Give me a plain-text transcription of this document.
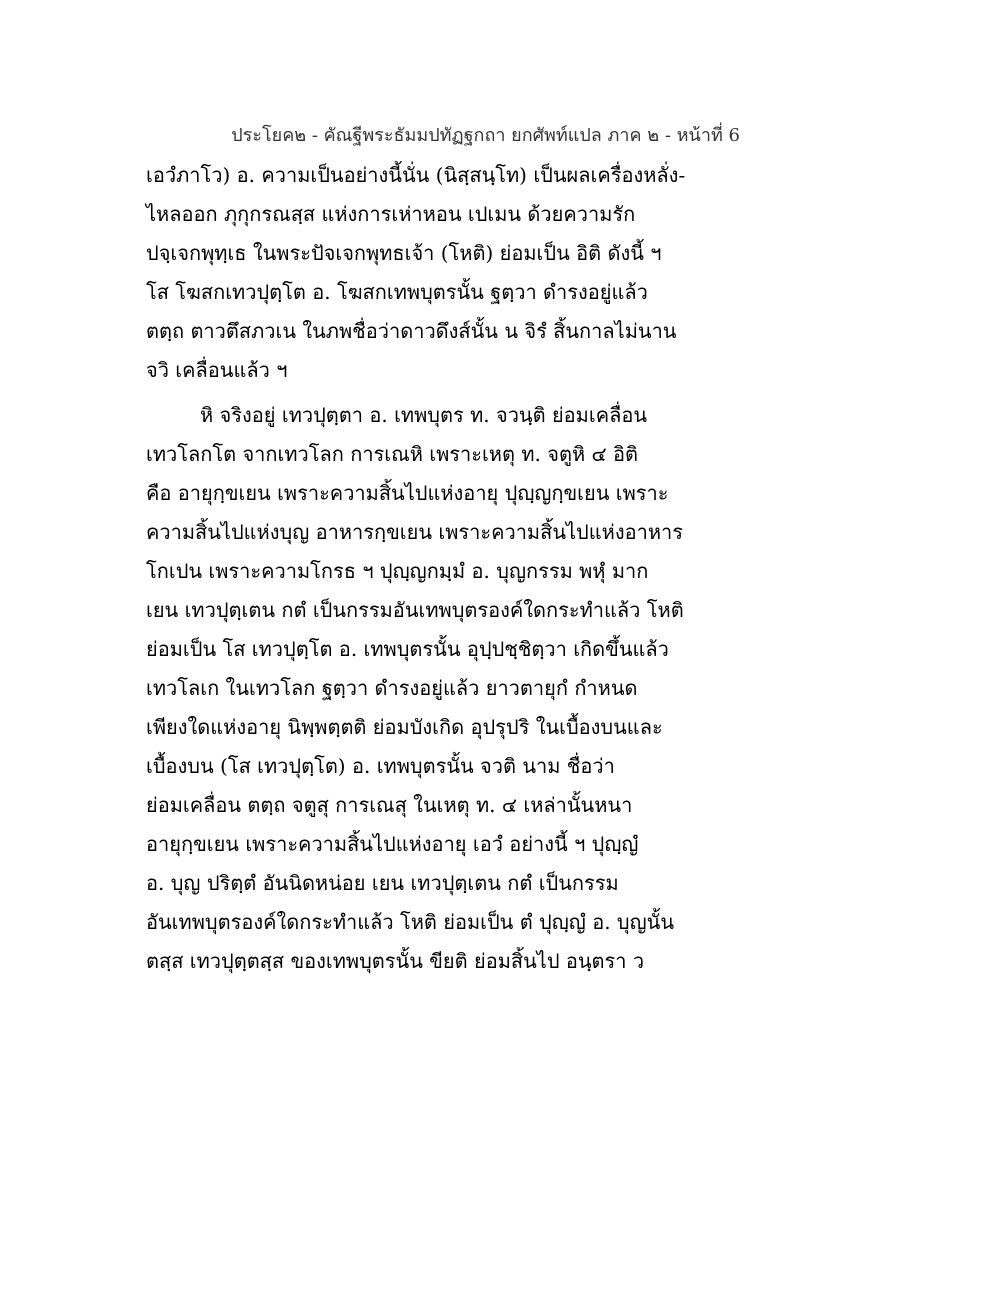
ประโยค๒ - คัณฐีพระธัมมปทัฏฐกถา ยกศัพท์แปล ภาค ๒ - หน้าที่ 6
เอวํภาโว) อ. ความเป็นอย่างนี้นั่น (นิสฺสนฺโท) เป็นผลเครื่องหลั่ง-
ไหลออก ภุกุกรณสฺส แห่งการเห่าหอน เปเมน ด้วยความรัก
ปจฺเจกพุทฺเธ ในพระปัจเจกพุทธเจ้า (โหติ) ย่อมเป็น อิติ ดังนี้ ฯ
โส โฆสกเทวปุตฺโต อ. โฆสกเทพบุตรนั้น ฐตฺวา ดำรงอยู่แล้ว
ตตฺถ ตาวตึสภวเน ในภพชื่อว่าดาวดึงส์นั้น น จิรํ สิ้นกาลไม่นาน
จวิ เคลื่อนแล้ว ฯ
หิ จริงอยู่ เทวปุตฺตา อ. เทพบุตร ท. จวนฺติ ย่อมเคลื่อน
เทวโลกโต จากเทวโลก การเณหิ เพราะเหตุ ท. จตูหิ ๔ อิติ
คือ อายุกฺขเยน เพราะความสิ้นไปแห่งอายุ ปุญฺญกฺขเยน เพราะ
ความสิ้นไปแห่งบุญ อาหารกฺขเยน เพราะความสิ้นไปแห่งอาหาร
โกเปน เพราะความโกรธ ฯ ปุญฺญกมฺมํ อ. บุญกรรม พหุํ มาก
เยน เทวปุตฺเตน กตํ เป็นกรรมอันเทพบุตรองค์ใดกระทำแล้ว โหติ
ย่อมเป็น โส เทวปุตฺโต อ. เทพบุตรนั้น อุปฺปชฺชิตฺวา เกิดขึ้นแล้ว
เทวโลเก ในเทวโลก ฐตฺวา ดำรงอยู่แล้ว ยาวตายุกํ กำหนด
เพียงใดแห่งอายุ นิพฺพตฺตติ ย่อมบังเกิด อุปรุปริ ในเบื้องบนและ
เบื้องบน (โส เทวปุตฺโต) อ. เทพบุตรนั้น จวติ นาม ชื่อว่า
ย่อมเคลื่อน ตตฺถ จตูสุ การเณสุ ในเหตุ ท. ๔ เหล่านั้นหนา
อายุกฺขเยน เพราะความสิ้นไปแห่งอายุ เอวํ อย่างนี้ ฯ ปุญฺญํ
อ. บุญ ปริตฺตํ อันนิดหน่อย เยน เทวปุตฺเตน กตํ เป็นกรรม
อันเทพบุตรองค์ใดกระทำแล้ว โหติ ย่อมเป็น ตํ ปุญฺญํ อ. บุญนั้น
ตสฺส เทวปุตฺตสฺส ของเทพบุตรนั้น ขียติ ย่อมสิ้นไป อนฺตรา ว
